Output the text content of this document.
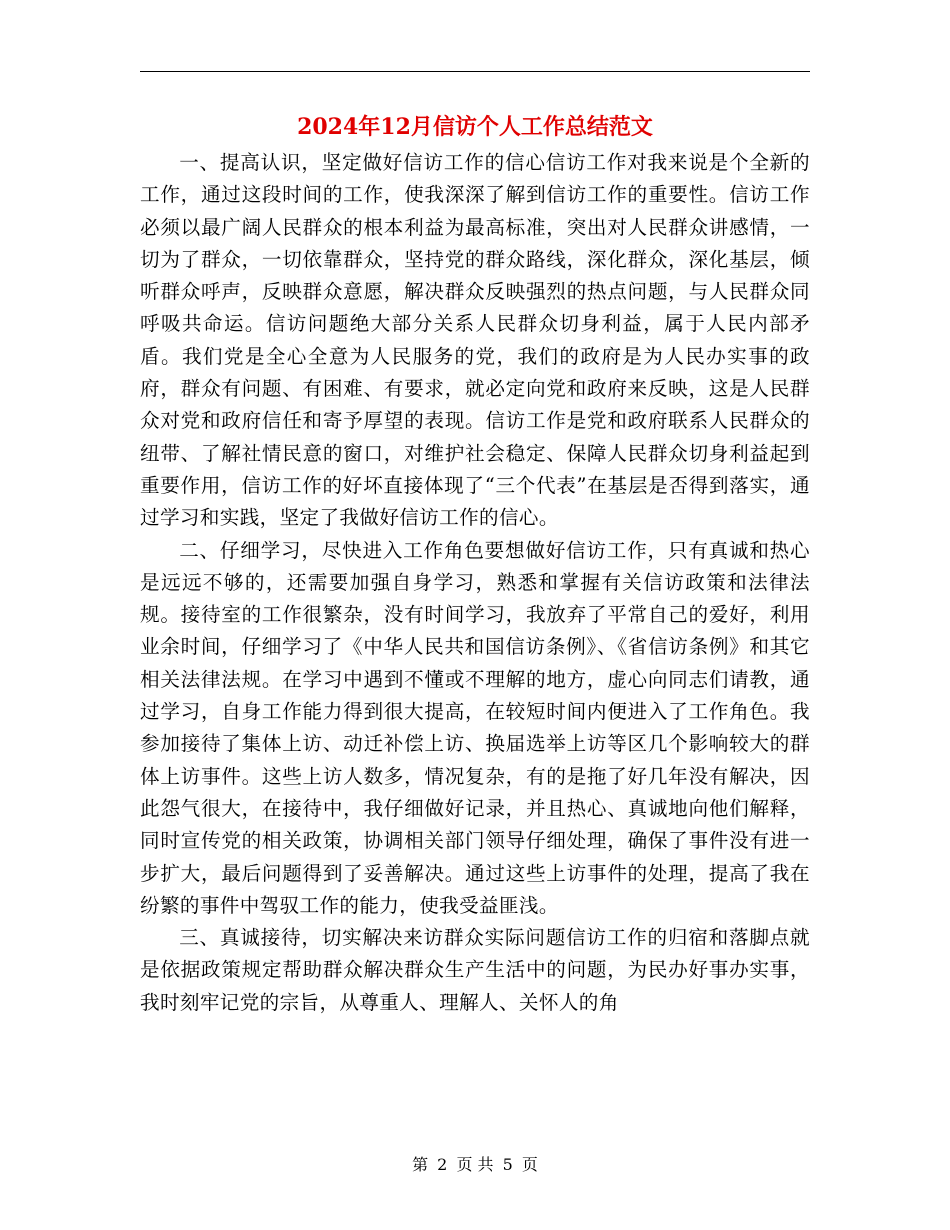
2024年12月信访个人工作总结范文

一、提高认识，坚定做好信访工作的信心信访工作对我来说是个全新的工作，通过这段时间的工作，使我深深了解到信访工作的重要性。信访工作必须以最广阔人民群众的根本利益为最高标准，突出对人民群众讲感情，一切为了群众，一切依靠群众，坚持党的群众路线，深化群众，深化基层，倾听群众呼声，反映群众意愿，解决群众反映强烈的热点问题，与人民群众同呼吸共命运。信访问题绝大部分关系人民群众切身利益，属于人民内部矛盾。我们党是全心全意为人民服务的党，我们的政府是为人民办实事的政府，群众有问题、有困难、有要求，就必定向党和政府来反映，这是人民群众对党和政府信任和寄予厚望的表现。信访工作是党和政府联系人民群众的纽带、了解社情民意的窗口，对维护社会稳定、保障人民群众切身利益起到重要作用，信访工作的好坏直接体现了“三个代表”在基层是否得到落实，通过学习和实践，坚定了我做好信访工作的信心。

二、仔细学习，尽快进入工作角色要想做好信访工作，只有真诚和热心是远远不够的，还需要加强自身学习，熟悉和掌握有关信访政策和法律法规。接待室的工作很繁杂，没有时间学习，我放弃了平常自己的爱好，利用业余时间，仔细学习了《中华人民共和国信访条例》、《省信访条例》和其它相关法律法规。在学习中遇到不懂或不理解的地方，虚心向同志们请教，通过学习，自身工作能力得到很大提高，在较短时间内便进入了工作角色。我参加接待了集体上访、动迁补偿上访、换届选举上访等区几个影响较大的群体上访事件。这些上访人数多，情况复杂，有的是拖了好几年没有解决，因此怨气很大，在接待中，我仔细做好记录，并且热心、真诚地向他们解释，同时宣传党的相关政策，协调相关部门领导仔细处理，确保了事件没有进一步扩大，最后问题得到了妥善解决。通过这些上访事件的处理，提高了我在纷繁的事件中驾驭工作的能力，使我受益匪浅。

三、真诚接待，切实解决来访群众实际问题信访工作的归宿和落脚点就是依据政策规定帮助群众解决群众生产生活中的问题，为民办好事办实事，我时刻牢记党的宗旨，从尊重人、理解人、关怀人的角

第 2 页 共 5 页
